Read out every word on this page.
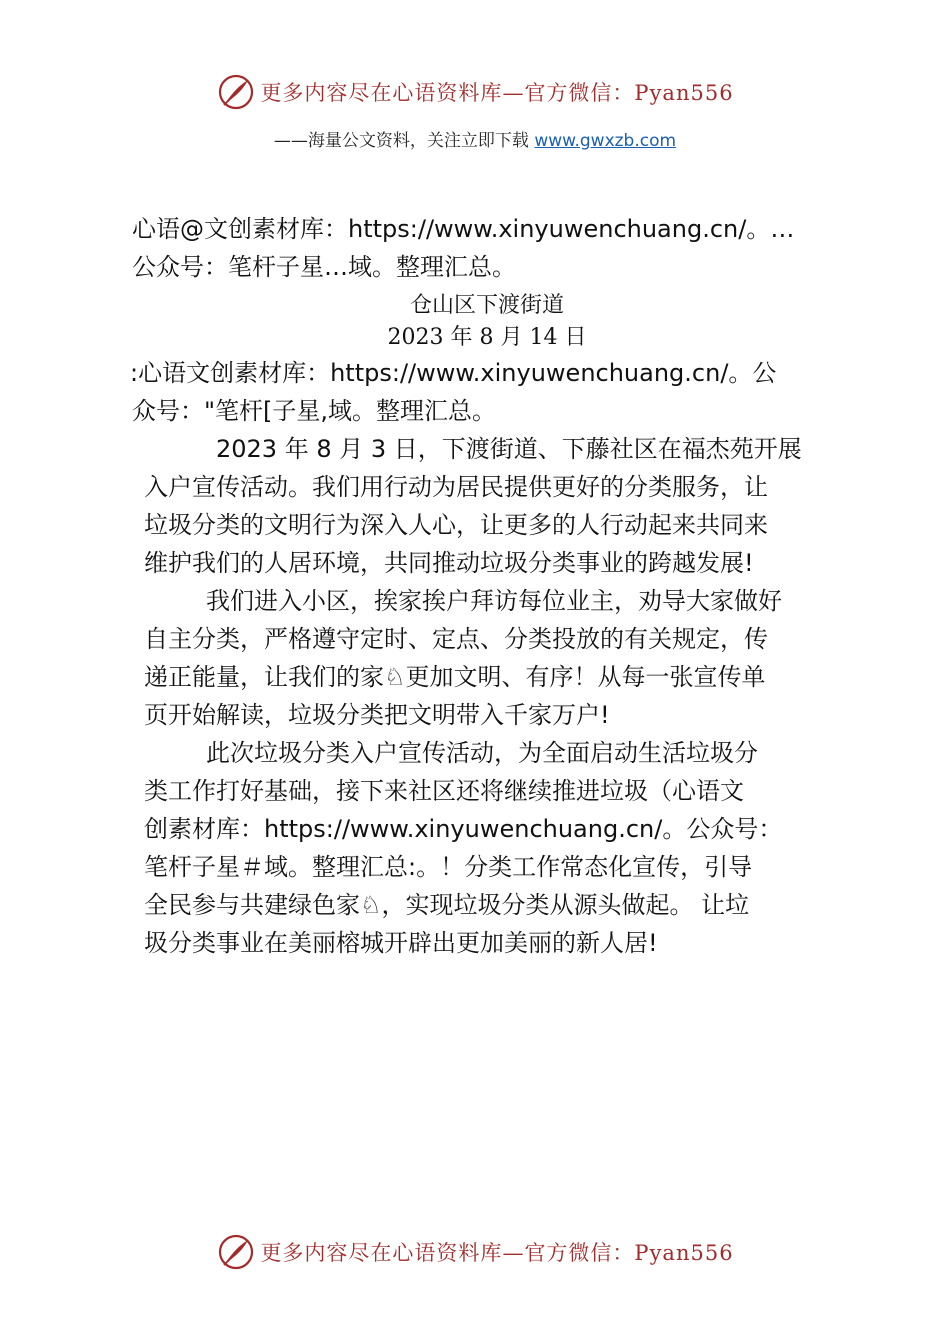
更多内容尽在心语资料库—官方微信：Pyan556
——海量公文资料，关注立即下载 www.gwxzb.com

心语@文创素材库：https://www.xinyuwenchuang.cn/。…

公众号：笔杆子星…域。整理汇总。

仓山区下渡街道

2023 年 8 月 14 日

:心语文创素材库：https://www.xinyuwenchuang.cn/。公

众号："笔杆[子星,域。整理汇总。

2023 年 8 月 3 日，下渡街道、下藤社区在福杰苑开展

入户宣传活动。我们用行动为居民提供更好的分类服务，让

垃圾分类的文明行为深入人心，让更多的人行动起来共同来

维护我们的人居环境，共同推动垃圾分类事业的跨越发展!

我们进入小区，挨家挨户拜访每位业主，劝导大家做好

自主分类，严格遵守定时、定点、分类投放的有关规定，传

递正能量，让我们的家♘更加文明、有序！从每一张宣传单

页开始解读，垃圾分类把文明带入千家万户!

此次垃圾分类入户宣传活动，为全面启动生活垃圾分

类工作打好基础，接下来社区还将继续推进垃圾（心语文

创素材库：https://www.xinyuwenchuang.cn/。公众号：

笔杆子星＃域。整理汇总:。！分类工作常态化宣传，引导

全民参与共建绿色家♘，实现垃圾分类从源头做起。 让垃

圾分类事业在美丽榕城开辟出更加美丽的新人居!

更多内容尽在心语资料库—官方微信：Pyan556
